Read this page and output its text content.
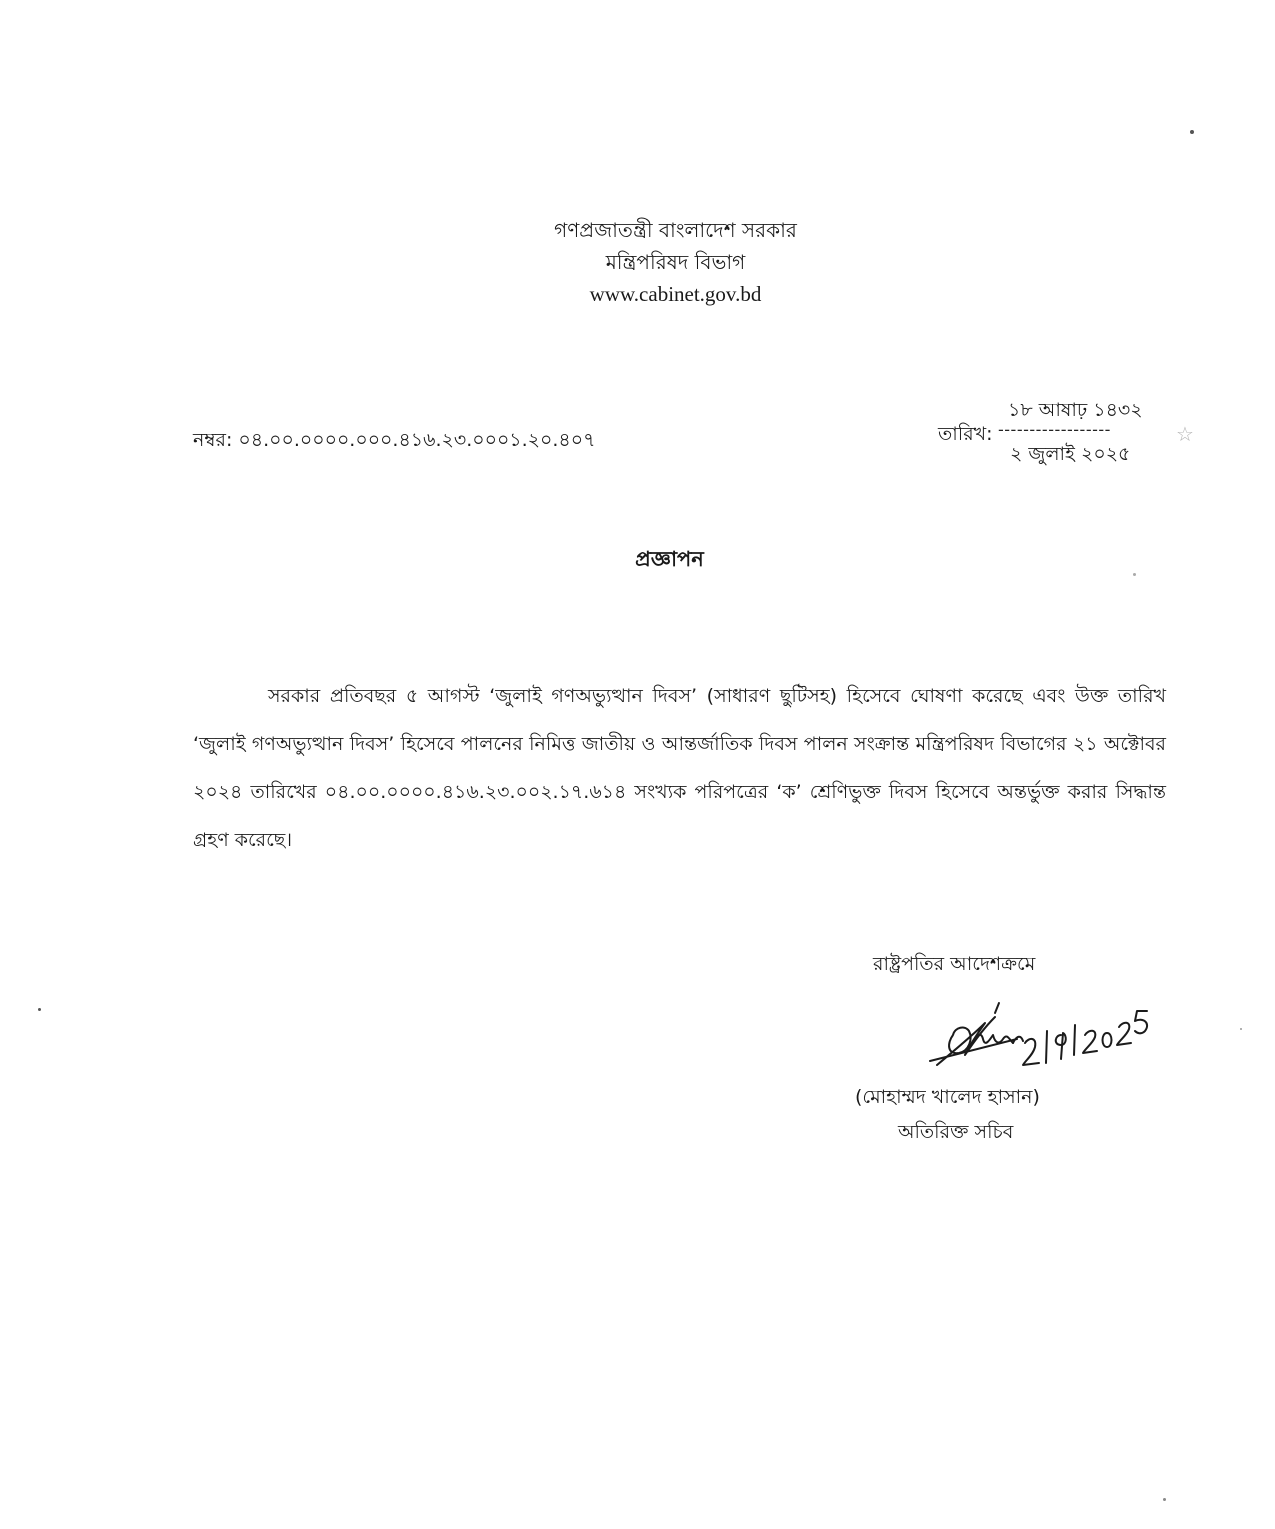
গণপ্রজাতন্ত্রী বাংলাদেশ সরকার
মন্ত্রিপরিষদ বিভাগ
www.cabinet.gov.bd
নম্বর: ০৪.০০.০০০০.০০০.৪১৬.২৩.০০০১.২০.৪০৭
১৮ আষাঢ় ১৪৩২
তারিখ: ------------------
২ জুলাই ২০২৫
☆
প্রজ্ঞাপন
সরকার প্রতিবছর ৫ আগস্ট ‘জুলাই গণঅভ্যুত্থান দিবস’ (সাধারণ ছুটিসহ) হিসেবে ঘোষণা করেছে এবং উক্ত তারিখ ‘জুলাই গণঅভ্যুত্থান দিবস’ হিসেবে পালনের নিমিত্ত জাতীয় ও আন্তর্জাতিক দিবস পালন সংক্রান্ত মন্ত্রিপরিষদ বিভাগের ২১ অক্টোবর ২০২৪ তারিখের ০৪.০০.০০০০.৪১৬.২৩.০০২.১৭.৬১৪ সংখ্যক পরিপত্রের ‘ক’ শ্রেণিভুক্ত দিবস হিসেবে অন্তর্ভুক্ত করার সিদ্ধান্ত গ্রহণ করেছে।
রাষ্ট্রপতির আদেশক্রমে
(মোহাম্মদ খালেদ হাসান)
অতিরিক্ত সচিব
